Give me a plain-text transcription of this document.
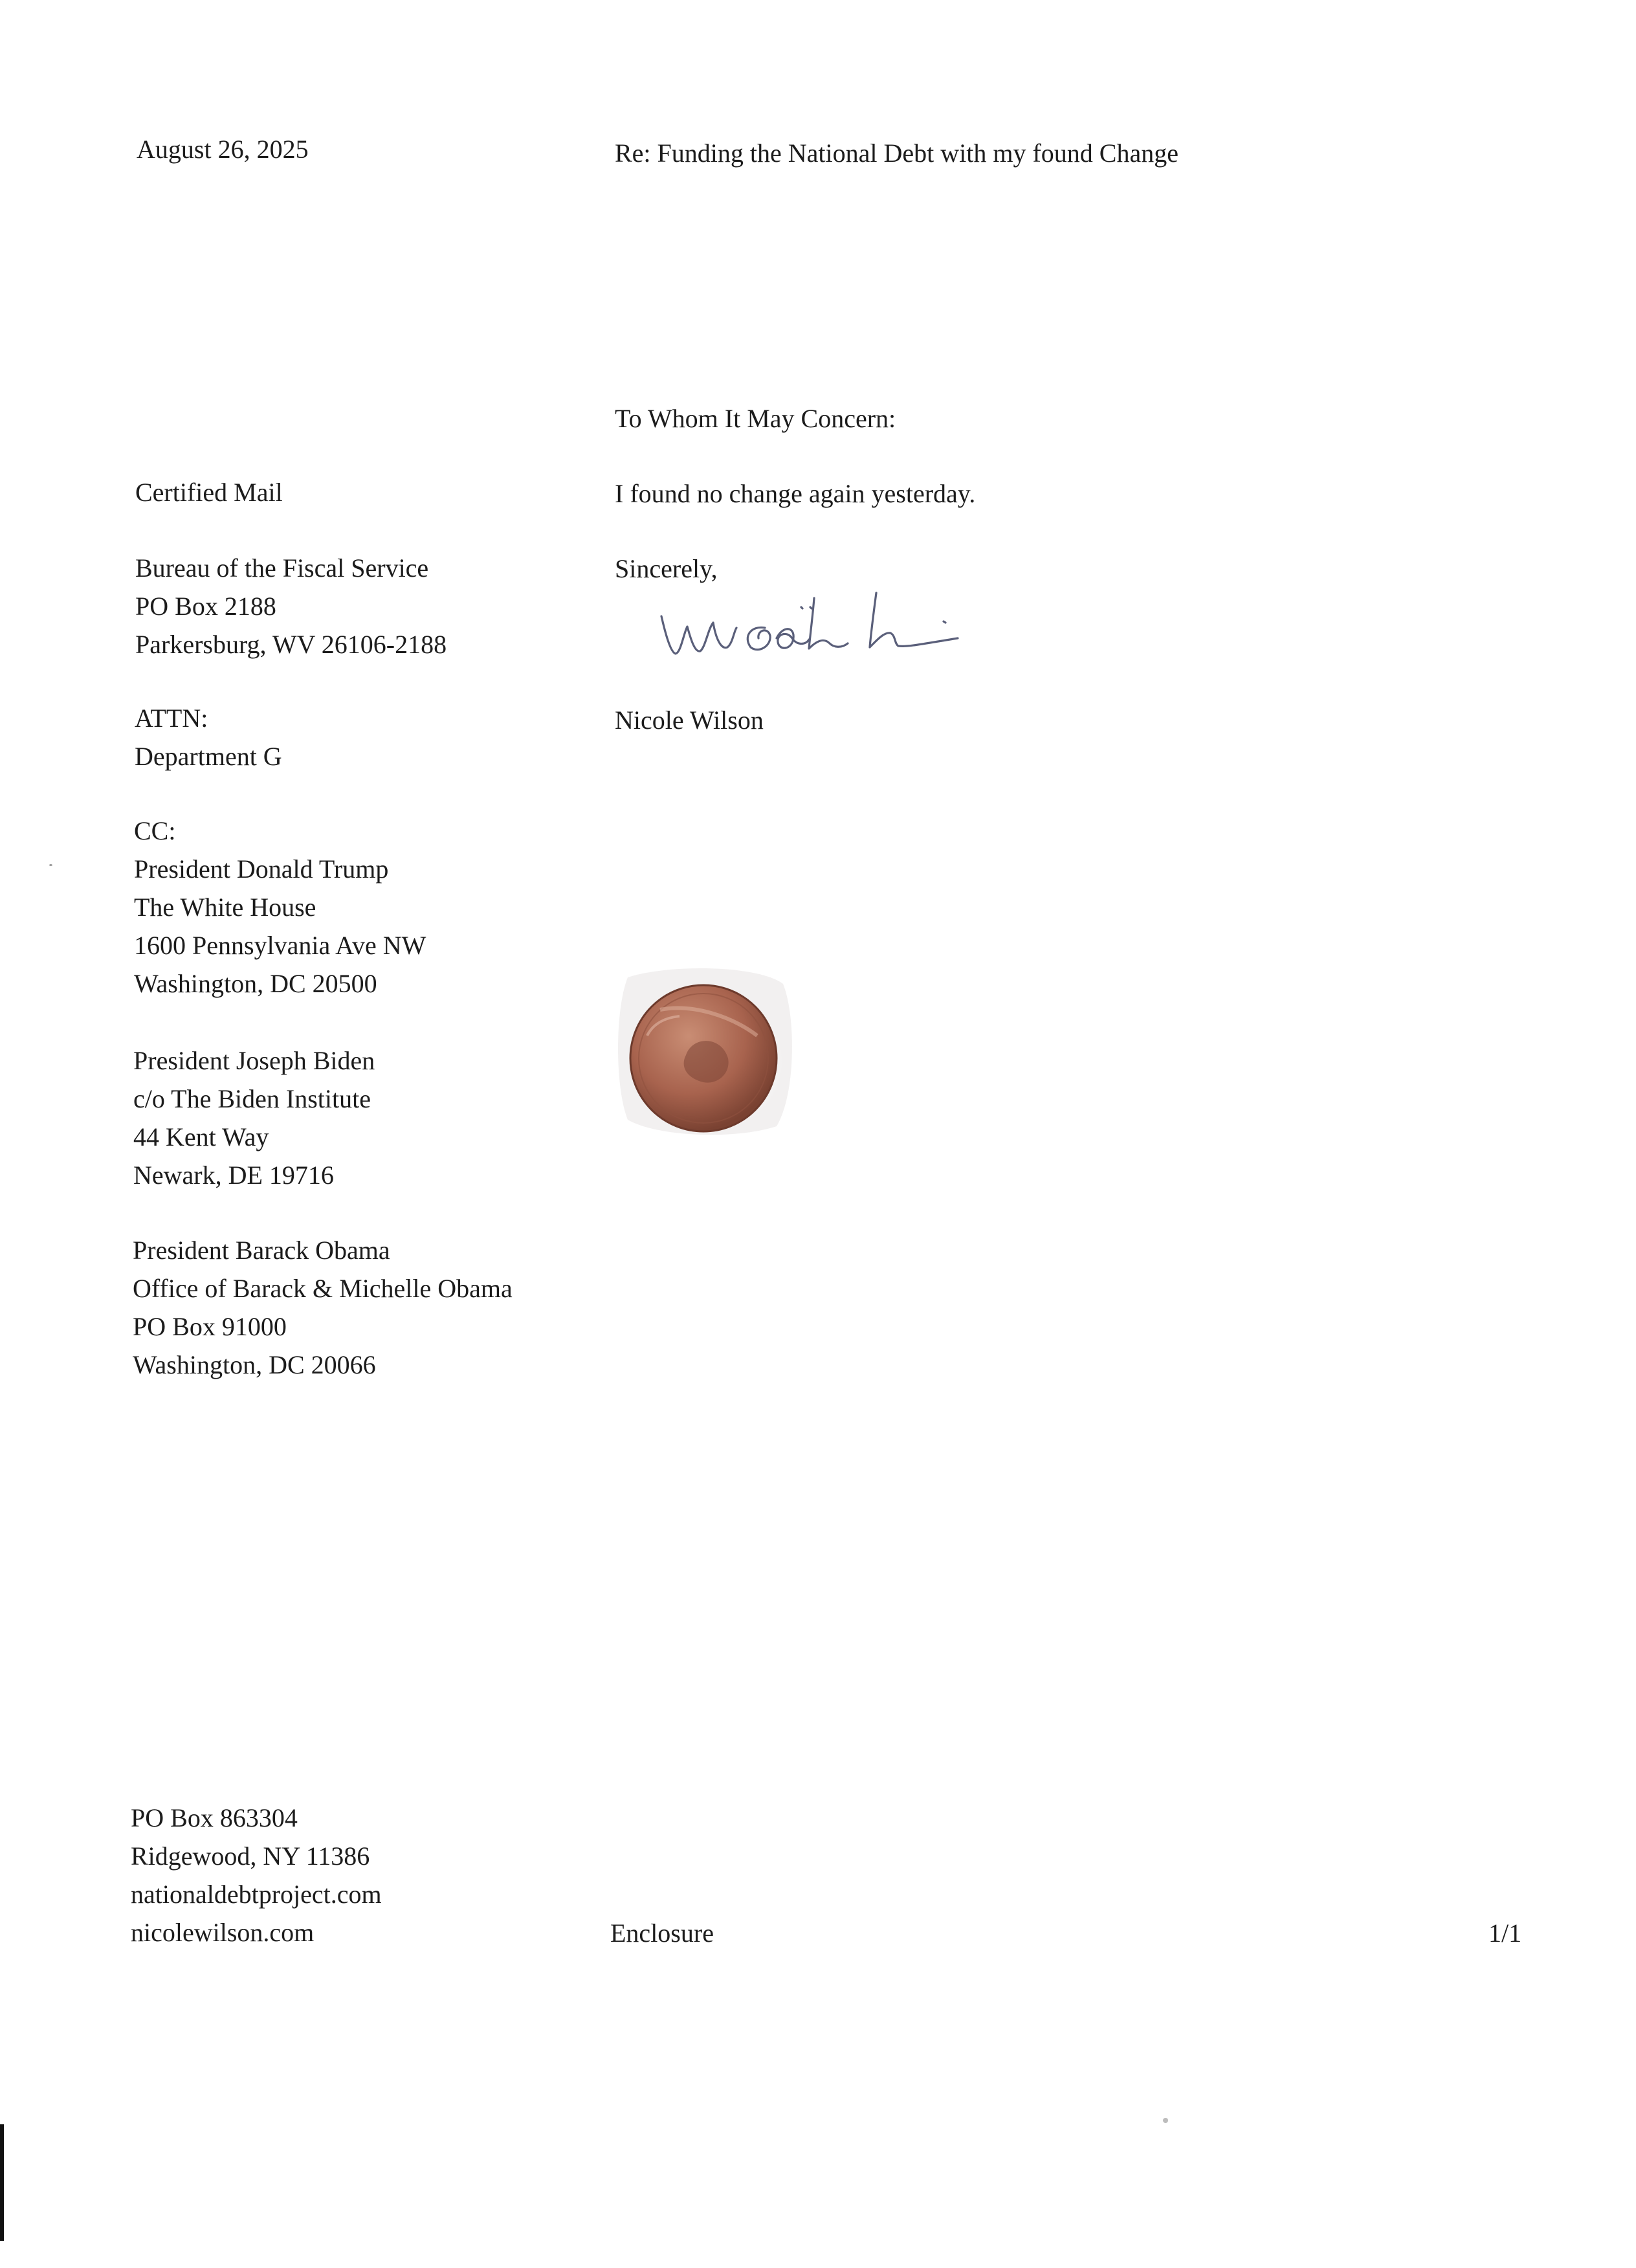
August 26, 2025	Re: Funding the National Debt with my found Change
To Whom It May Concern:
I found no change again yesterday.
Sincerely,
Nicole Wilson
Certified Mail
Bureau of the Fiscal Service
PO Box 2188
Parkersburg, WV 26106-2188
ATTN:
Department G
CC:
President Donald Trump
The White House
1600 Pennsylvania Ave NW
Washington, DC 20500
President Joseph Biden
c/o The Biden Institute
44 Kent Way
Newark, DE 19716
President Barack Obama
Office of Barack & Michelle Obama
PO Box 91000
Washington, DC 20066
PO Box 863304
Ridgewood, NY 11386
nationaldebtproject.com
nicolewilson.com	Enclosure	1/1
